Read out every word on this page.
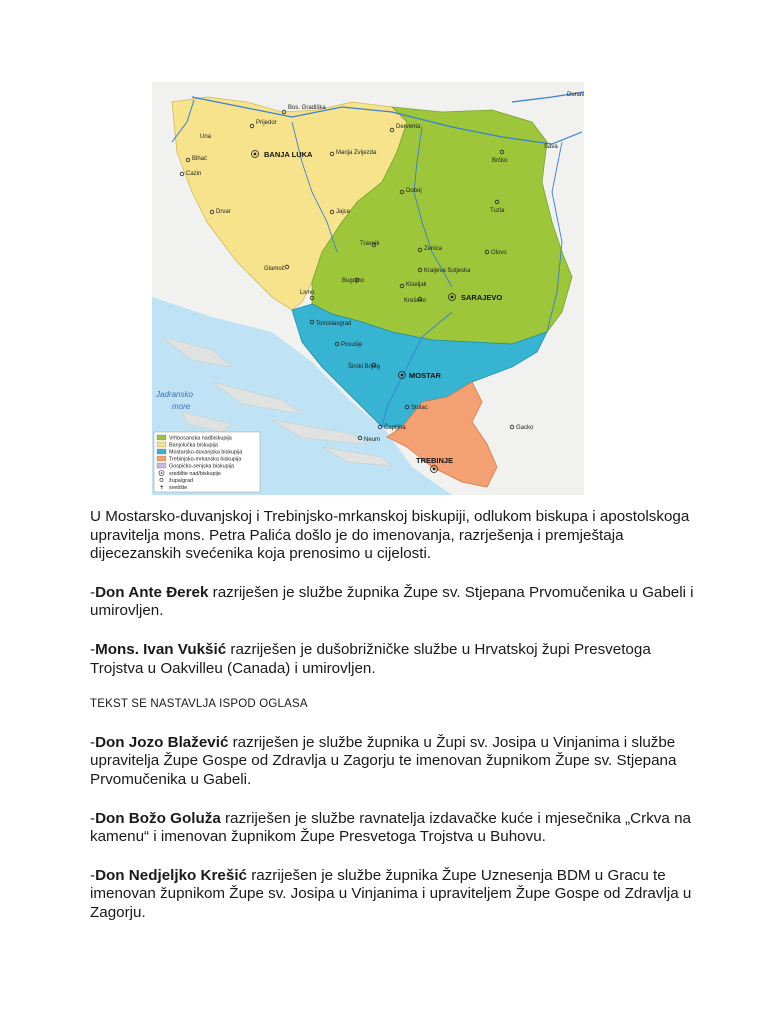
Dunav
Sava
Una
Jadransko
more
BANJA LUKA
SARAJEVO
MOSTAR
TREBINJE
Bos. Gradiška
Prijedor
Bihać
Cazin
Marija Zvijezda
Derventa
Brčko
Doboj
Tuzla
Bugojno
Travnik
Zenica
Kiseljak
Livno
Drvar
Glamoč
Jajce
Kreševo
Tomislavgrad
Posušje
Široki Brijeg
Čapljina
Neum
Stolac
Gacko
Olovo
Kraljeva Sutjeska
Vrhbosanska nadbiskupija
Banjolučka biskupija
Mostarsko-duvanjska biskupija
Trebinjsko-mrkanska biskupija
Gospićko-senjska biskupija
središte nad/biskupije
župa/grad
✝ svetište

U Mostarsko-duvanjskoj i Trebinjsko-mrkanskoj biskupiji, odlukom biskupa i apostolskoga upravitelja mons. Petra Palića došlo je do imenovanja, razrješenja i premještaja dijecezanskih svećenika koja prenosimo u cijelosti.

-Don Ante Đerek razriješen je službe župnika Župe sv. Stjepana Prvomučenika u Gabeli i umirovljen.

-Mons. Ivan Vukšić razriješen je dušobrižničke službe u Hrvatskoj župi Presvetoga Trojstva u Oakvilleu (Canada) i umirovljen.

TEKST SE NASTAVLJA ISPOD OGLASA

-Don Jozo Blažević razriješen je službe župnika u Župi sv. Josipa u Vinjanima i službe upravitelja Župe Gospe od Zdravlja u Zagorju te imenovan župnikom Župe sv. Stjepana Prvomučenika u Gabeli.

-Don Božo Goluža razriješen je službe ravnatelja izdavačke kuće i mjesečnika „Crkva na kamenu“ i imenovan župnikom Župe Presvetoga Trojstva u Buhovu.

-Don Nedjeljko Krešić razriješen je službe župnika Župe Uznesenja BDM u Gracu te imenovan župnikom Župe sv. Josipa u Vinjanima i upraviteljem Župe Gospe od Zdravlja u Zagorju.
